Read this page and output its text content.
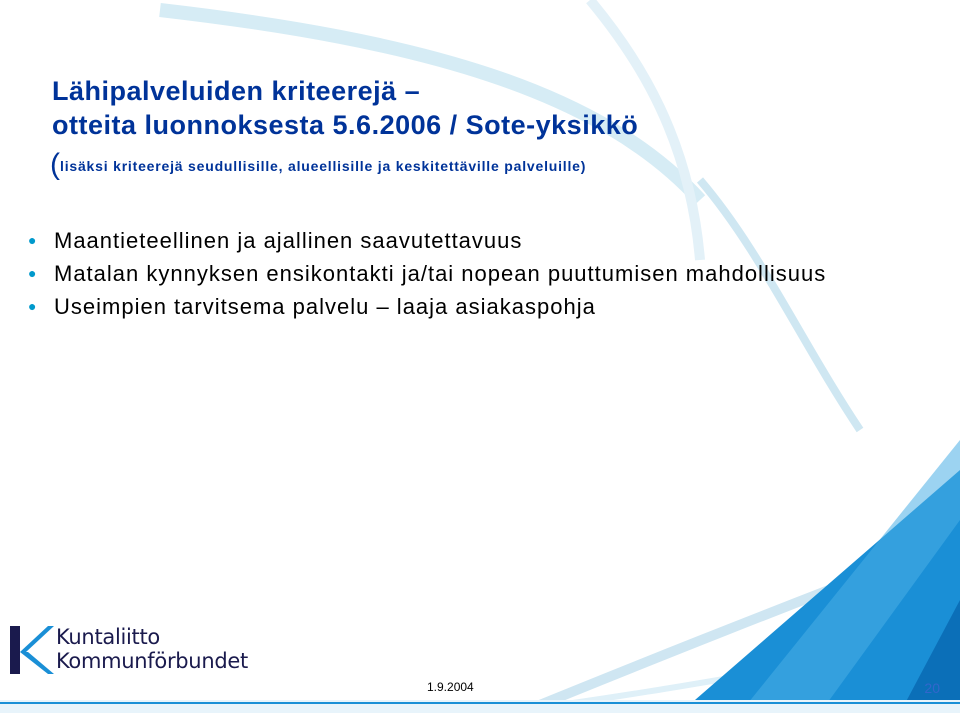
Lähipalveluiden kriteerejä –
otteita luonnoksesta 5.6.2006 / Sote-yksikkö
(lisäksi kriteerejä seudullisille, alueellisille ja keskitettäville palveluille)
● Maantieteellinen ja ajallinen saavutettavuus
● Matalan kynnyksen ensikontakti ja/tai nopean puuttumisen mahdollisuus
● Useimpien tarvitsema palvelu – laaja asiakaspohja
Kuntaliitto
Kommunförbundet
1.9.2004	20
